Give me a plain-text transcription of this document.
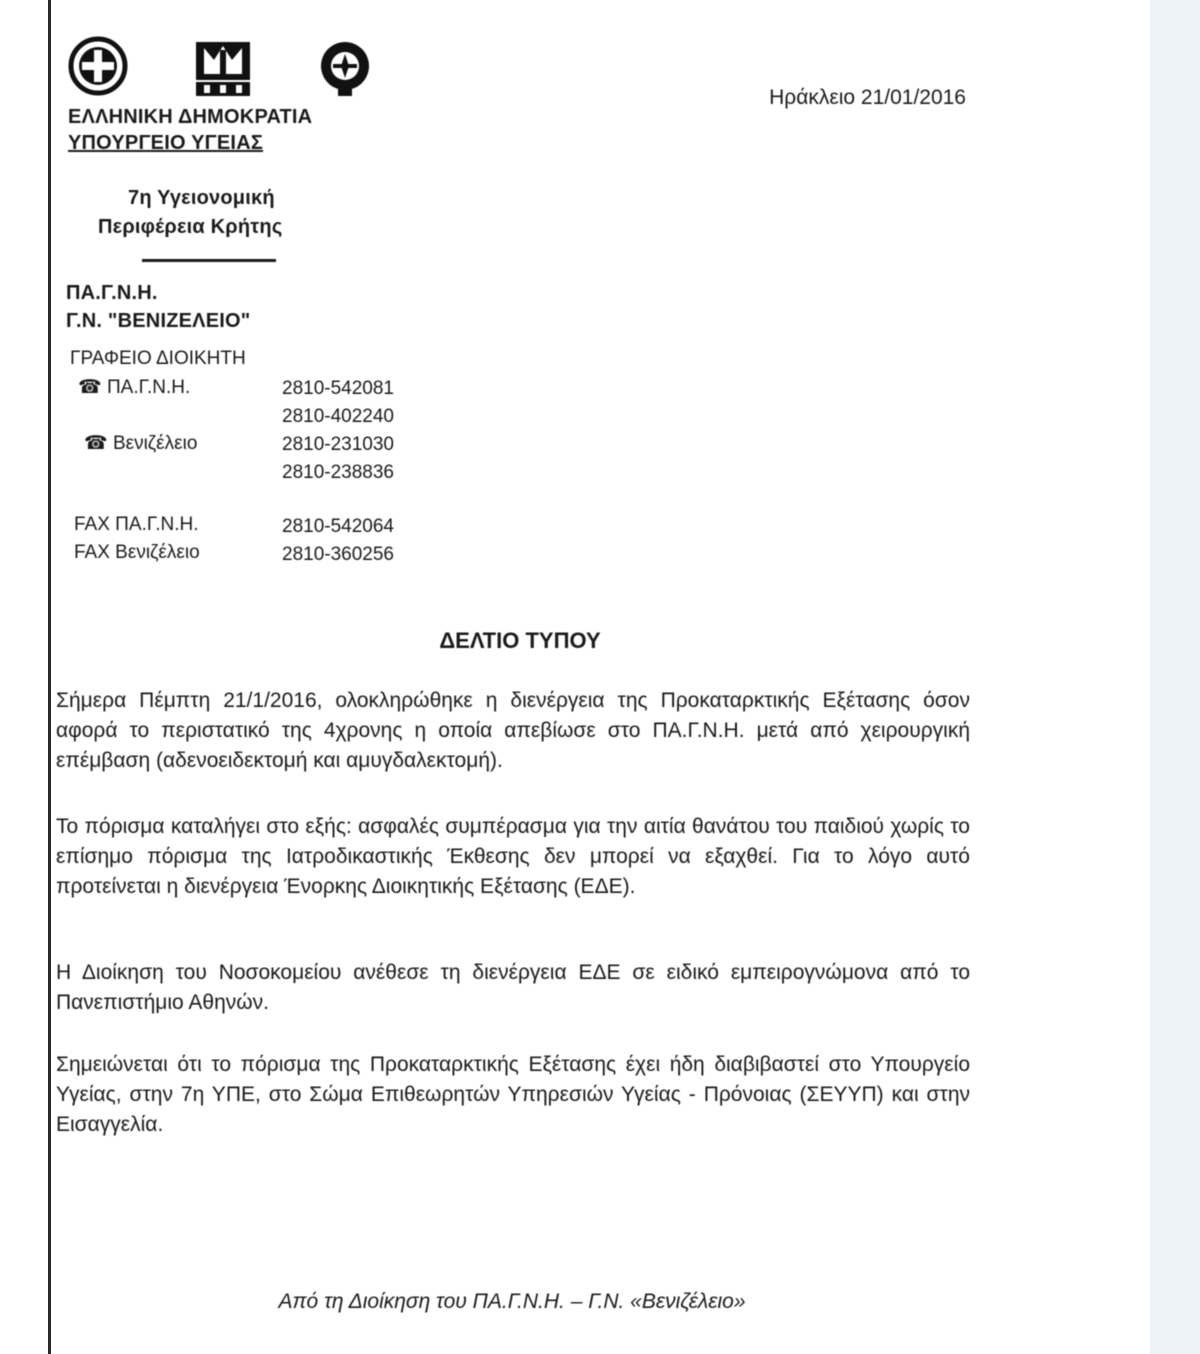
ΕΛΛΗΝΙΚΗ ΔΗΜΟΚΡΑΤΙΑ
ΥΠΟΥΡΓΕΙΟ ΥΓΕΙΑΣ
7η Υγειονομική
Περιφέρεια Κρήτης
ΠΑ.Γ.Ν.Η.
Γ.Ν. "ΒΕΝΙΖΕΛΕΙΟ"
ΓΡΑΦΕΙΟ ΔΙΟΙΚΗΤΗ
☎ ΠΑ.Γ.Ν.Η.	2810-542081
2810-402240
☎ Βενιζέλειο	2810-231030
2810-238836
FAX ΠΑ.Γ.Ν.Η.	2810-542064
FAX Βενιζέλειο	2810-360256
Ηράκλειο 21/01/2016
ΔΕΛΤΙΟ ΤΥΠΟΥ
Σήμερα Πέμπτη 21/1/2016, ολοκληρώθηκε η διενέργεια της Προκαταρκτικής Εξέτασης όσον αφορά το περιστατικό της 4χρονης η οποία απεβίωσε στο ΠΑ.Γ.Ν.Η. μετά από χειρουργική επέμβαση (αδενοειδεκτομή και αμυγδαλεκτομή).
Το πόρισμα καταλήγει στο εξής: ασφαλές συμπέρασμα για την αιτία θανάτου του παιδιού χωρίς το επίσημο πόρισμα της Ιατροδικαστικής Έκθεσης δεν μπορεί να εξαχθεί. Για το λόγο αυτό προτείνεται η διενέργεια Ένορκης Διοικητικής Εξέτασης (ΕΔΕ).
Η Διοίκηση του Νοσοκομείου ανέθεσε τη διενέργεια ΕΔΕ σε ειδικό εμπειρογνώμονα από το Πανεπιστήμιο Αθηνών.
Σημειώνεται ότι το πόρισμα της Προκαταρκτικής Εξέτασης έχει ήδη διαβιβαστεί στο Υπουργείο Υγείας, στην 7η ΥΠΕ, στο Σώμα Επιθεωρητών Υπηρεσιών Υγείας - Πρόνοιας (ΣΕΥΥΠ) και στην Εισαγγελία.
Από τη Διοίκηση του ΠΑ.Γ.Ν.Η. – Γ.Ν. «Βενιζέλειο»
